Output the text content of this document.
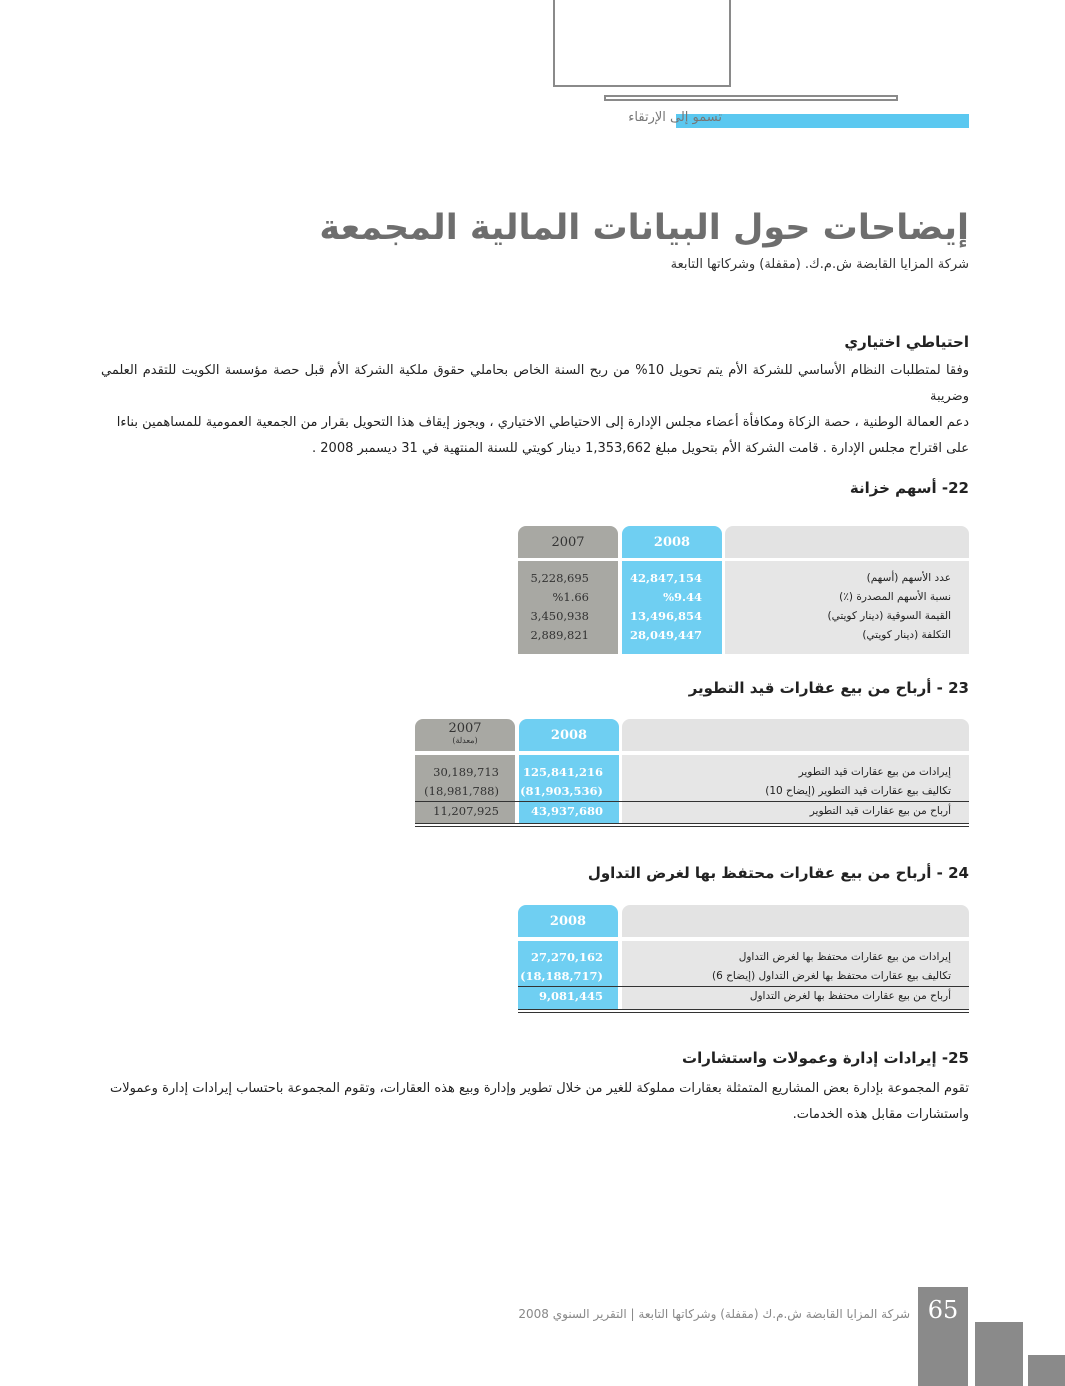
تسمو إلى الإرتقاء
إيضاحات حول البيانات المالية المجمعة
شركة المزايا القابضة ش.م.ك. (مقفلة) وشركاتها التابعة
احتياطي اختياري
وفقا لمتطلبات النظام الأساسي للشركة الأم يتم تحويل 10% من ربح السنة الخاص بحاملي حقوق ملكية الشركة الأم قبل حصة مؤسسة الكويت للتقدم العلمي وضريبة
دعم العمالة الوطنية ، حصة الزكاة ومكافأة أعضاء مجلس الإدارة إلى الاحتياطي الاختياري ، ويجوز إيقاف هذا التحويل بقرار من الجمعية العمومية للمساهمين بناءا
على اقتراح مجلس الإدارة . قامت الشركة الأم بتحويل مبلغ 1,353,662 دينار كويتي للسنة المنتهية في 31 ديسمبر 2008 .
22- أسهم خزانة
2007	2008
5,228,695
%1.66
3,450,938
2,889,821
42,847,154
%9.44
13,496,854
28,049,447
عدد الأسهم (أسهم)
نسبة الأسهم المصدرة (٪)
القيمة السوقية (دينار كويتي)
التكلفة (دينار كويتي)
23 - أرباح من بيع عقارات قيد التطوير
2007
(معدلة)	2008
30,189,713
(18,981,788)
11,207,925
125,841,216
(81,903,536)
43,937,680
إيرادات من بيع عقارات قيد التطوير
تكاليف بيع عقارات قيد التطوير (إيضاح 10)
أرباح من بيع عقارات قيد التطوير
24 - أرباح من بيع عقارات محتفظ بها لغرض التداول
2008
27,270,162
(18,188,717)
9,081,445
إيرادات من بيع عقارات محتفظ بها لغرض التداول
تكاليف بيع عقارات محتفظ بها لغرض التداول (إيضاح 6)
أرباح من بيع عقارات محتفظ بها لغرض التداول
25- إيرادات إدارة وعمولات واستشارات
تقوم المجموعة بإدارة بعض المشاريع المتمثلة بعقارات مملوكة للغير من خلال تطوير وإدارة وبيع هذه العقارات، وتقوم المجموعة باحتساب إيرادات إدارة وعمولات
واستشارات مقابل هذه الخدمات.
شركة المزايا القابضة ش.م.ك (مقفلة) وشركاتها التابعة | التقرير السنوي 2008 65
